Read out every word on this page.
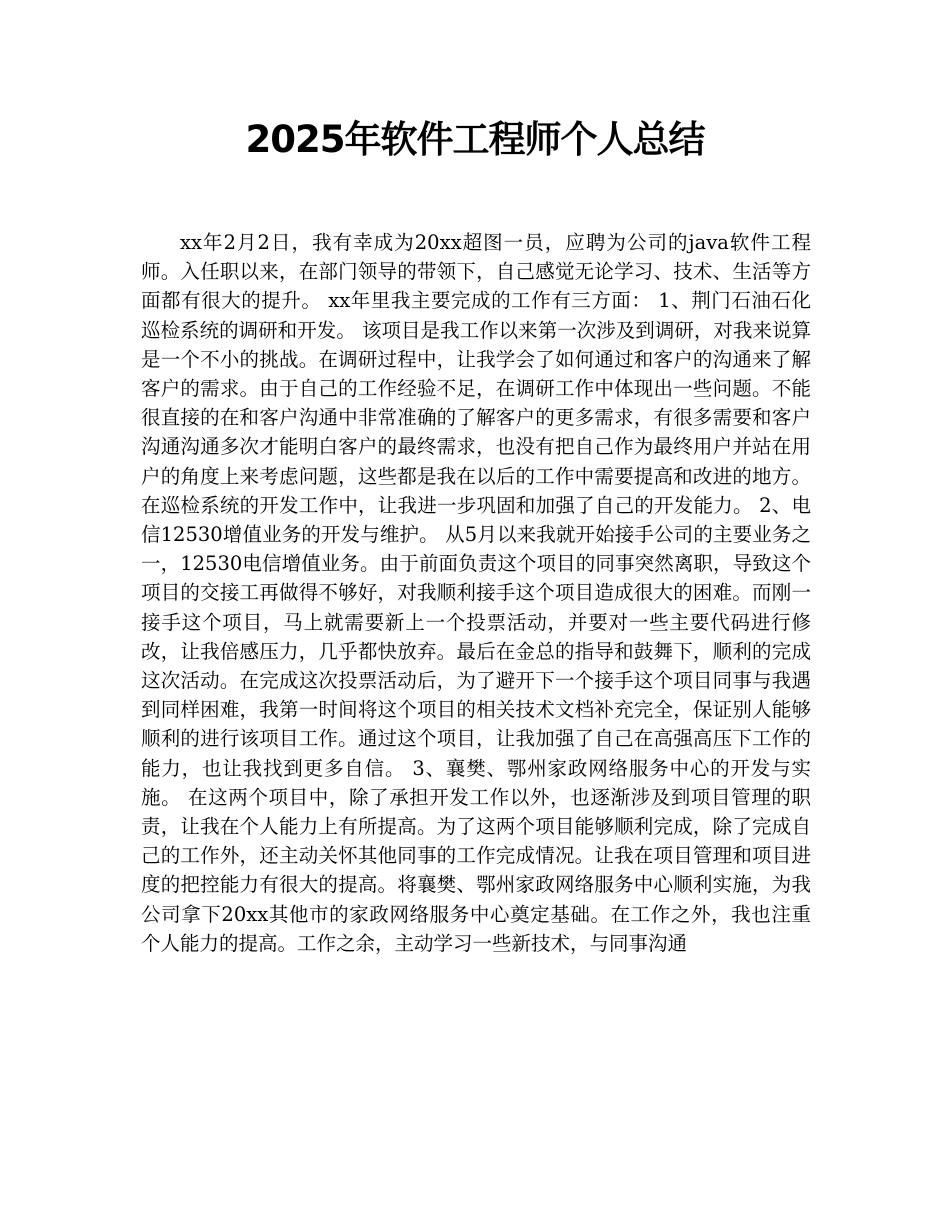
2025年软件工程师个人总结

xx年2月2日，我有幸成为20xx超图一员，应聘为公司的java软件工程师。入任职以来，在部门领导的带领下，自己感觉无论学习、技术、生活等方面都有很大的提升。 xx年里我主要完成的工作有三方面： 1、荆门石油石化巡检系统的调研和开发。 该项目是我工作以来第一次涉及到调研，对我来说算是一个不小的挑战。在调研过程中，让我学会了如何通过和客户的沟通来了解客户的需求。由于自己的工作经验不足，在调研工作中体现出一些问题。不能很直接的在和客户沟通中非常准确的了解客户的更多需求，有很多需要和客户沟通沟通多次才能明白客户的最终需求，也没有把自己作为最终用户并站在用户的角度上来考虑问题，这些都是我在以后的工作中需要提高和改进的地方。在巡检系统的开发工作中，让我进一步巩固和加强了自己的开发能力。 2、电信12530增值业务的开发与维护。 从5月以来我就开始接手公司的主要业务之一，12530电信增值业务。由于前面负责这个项目的同事突然离职，导致这个项目的交接工再做得不够好，对我顺利接手这个项目造成很大的困难。而刚一接手这个项目，马上就需要新上一个投票活动，并要对一些主要代码进行修改，让我倍感压力，几乎都快放弃。最后在金总的指导和鼓舞下，顺利的完成这次活动。在完成这次投票活动后，为了避开下一个接手这个项目同事与我遇到同样困难，我第一时间将这个项目的相关技术文档补充完全，保证别人能够顺利的进行该项目工作。通过这个项目，让我加强了自己在高强高压下工作的能力，也让我找到更多自信。 3、襄樊、鄂州家政网络服务中心的开发与实施。 在这两个项目中，除了承担开发工作以外，也逐渐涉及到项目管理的职责，让我在个人能力上有所提高。为了这两个项目能够顺利完成，除了完成自己的工作外，还主动关怀其他同事的工作完成情况。让我在项目管理和项目进度的把控能力有很大的提高。将襄樊、鄂州家政网络服务中心顺利实施，为我公司拿下20xx其他市的家政网络服务中心奠定基础。在工作之外，我也注重个人能力的提高。工作之余，主动学习一些新技术，与同事沟通
